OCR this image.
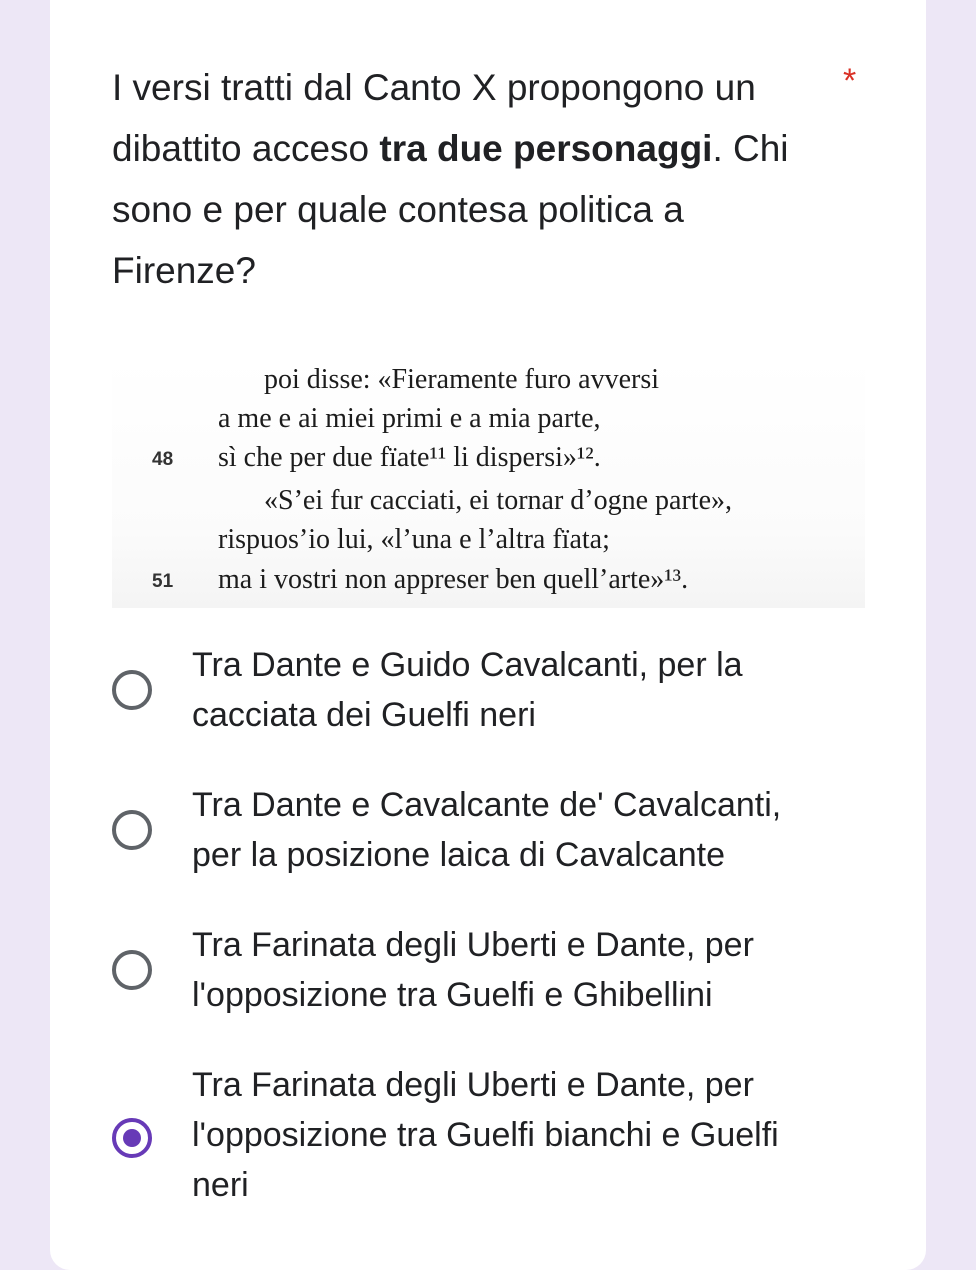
I versi tratti dal Canto X propongono un dibattito acceso tra due personaggi. Chi sono e per quale contesa politica a Firenze?
*
poi disse: «Fieramente furo avversi
a me e ai miei primi e a mia parte,
48 sì che per due fïate¹¹ li dispersi»¹².
«S’ei fur cacciati, ei tornar d’ogne parte»,
rispuos’io lui, «l’una e l’altra fïata;
51 ma i vostri non appreser ben quell’arte»¹³.
Tra Dante e Guido Cavalcanti, per la cacciata dei Guelfi neri
Tra Dante e Cavalcante de' Cavalcanti, per la posizione laica di Cavalcante
Tra Farinata degli Uberti e Dante, per l'opposizione tra Guelfi e Ghibellini
Tra Farinata degli Uberti e Dante, per l'opposizione tra Guelfi bianchi e Guelfi neri
